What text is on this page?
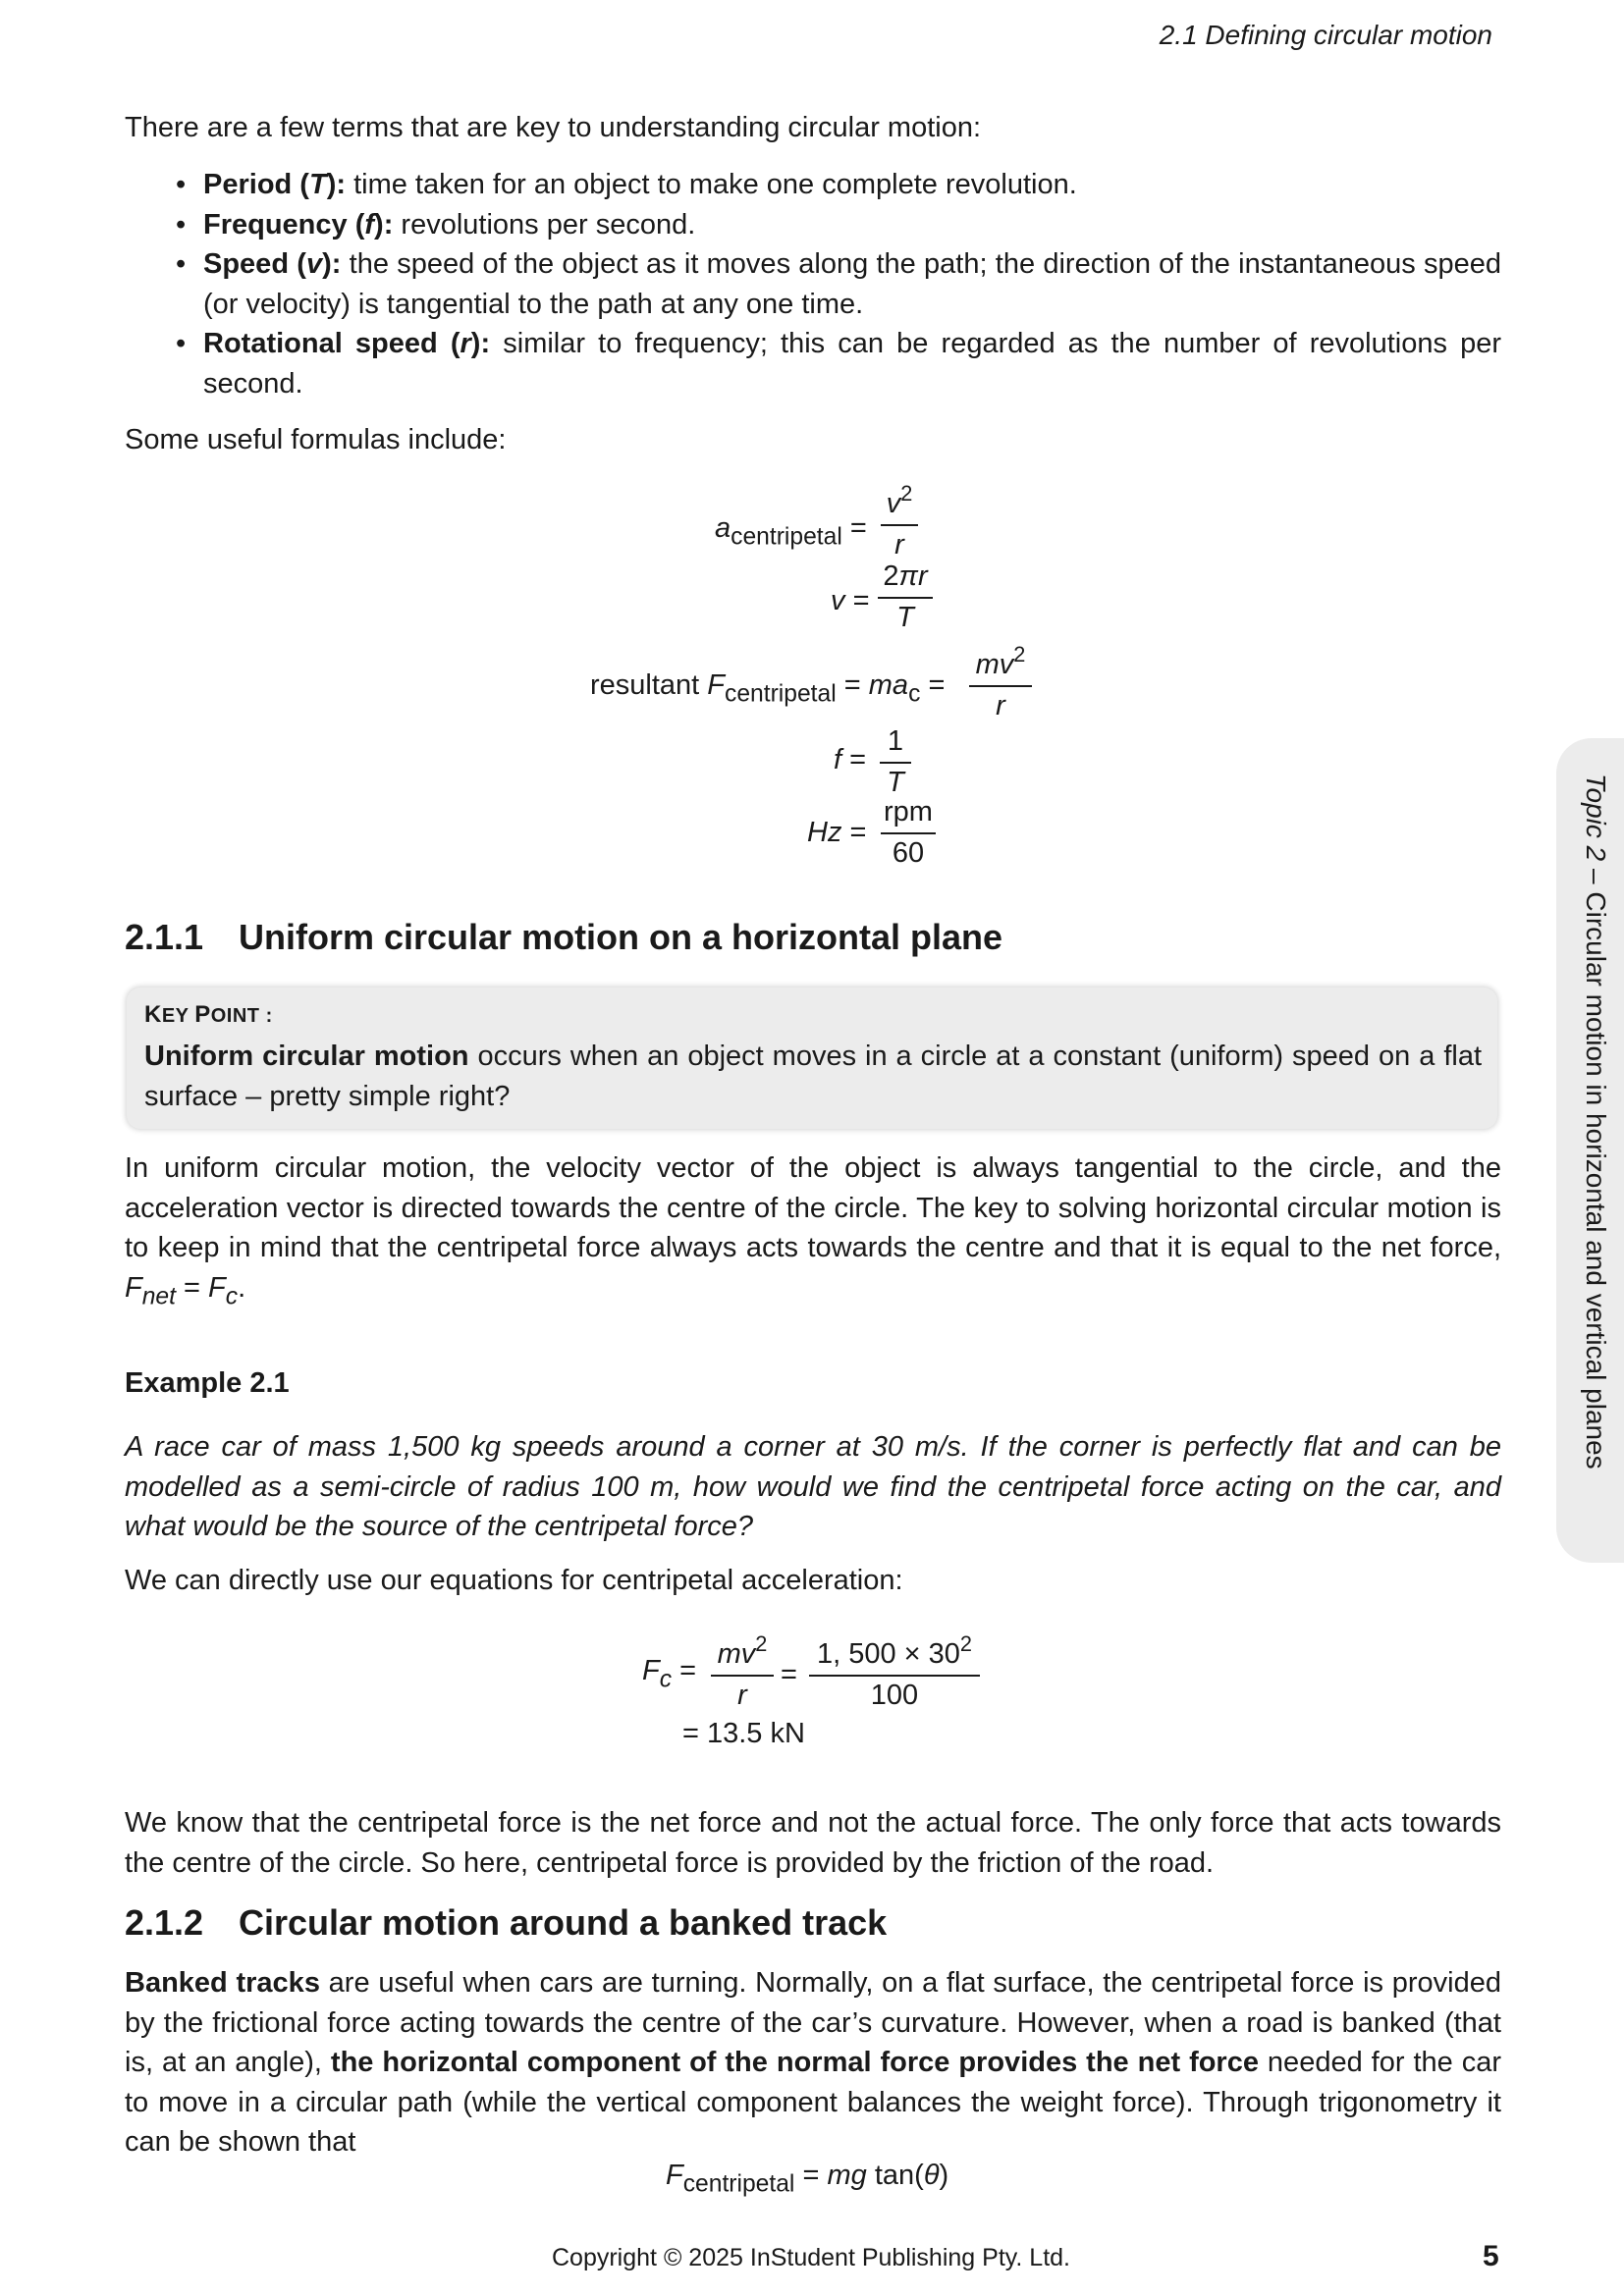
2.1 Defining circular motion
There are a few terms that are key to understanding circular motion:
• Period (T): time taken for an object to make one complete revolution.
• Frequency (f): revolutions per second.
• Speed (v): the speed of the object as it moves along the path; the direction of the instantaneous speed (or velocity) is tangential to the path at any one time.
• Rotational speed (r): similar to frequency; this can be regarded as the number of revolutions per second.
Some useful formulas include:
$a_{centripetal} = \frac{v^2}{r}$
$v = \frac{2\pi r}{T}$
resultant $F_{centripetal} = ma_c = \frac{mv^2}{r}$
$f = \frac{1}{T}$
Hz =
rpm
60
2.1.1 Uniform circular motion on a horizontal plane
KEY POINT :
Uniform circular motion occurs when an object moves in a circle at a constant (uniform) speed on a flat surface – pretty simple right?
In uniform circular motion, the velocity vector of the object is always tangential to the circle, and the acceleration vector is directed towards the centre of the circle. The key to solving horizontal circular motion is to keep in mind that the centripetal force always acts towards the centre and that it is equal to the net force, $F_{net} = F_c$.
Example 2.1
A race car of mass 1,500 kg speeds around a corner at 30 m/s. If the corner is perfectly flat and can be modelled as a semi-circle of radius 100 m, how would we find the centripetal force acting on the car, and what would be the source of the centripetal force?
We can directly use our equations for centripetal acceleration:
$F_c = \frac{mv^2}{r} = \frac{1, 500 \times 30^2}{100}$
= 13.5 kN
We know that the centripetal force is the net force and not the actual force. The only force that acts towards the centre of the circle. So here, centripetal force is provided by the friction of the road.
2.1.2 Circular motion around a banked track
Banked tracks are useful when cars are turning. Normally, on a flat surface, the centripetal force is provided by the frictional force acting towards the centre of the car’s curvature. However, when a road is banked (that is, at an angle), the horizontal component of the normal force provides the net force needed for the car to move in a circular path (while the vertical component balances the weight force). Through trigonometry it can be shown that
$F_{centripetal}$ = mg tan(θ)
Topic 2 – Circular motion in horizontal and vertical planes
Copyright © 2025 InStudent Publishing Pty. Ltd.	5
